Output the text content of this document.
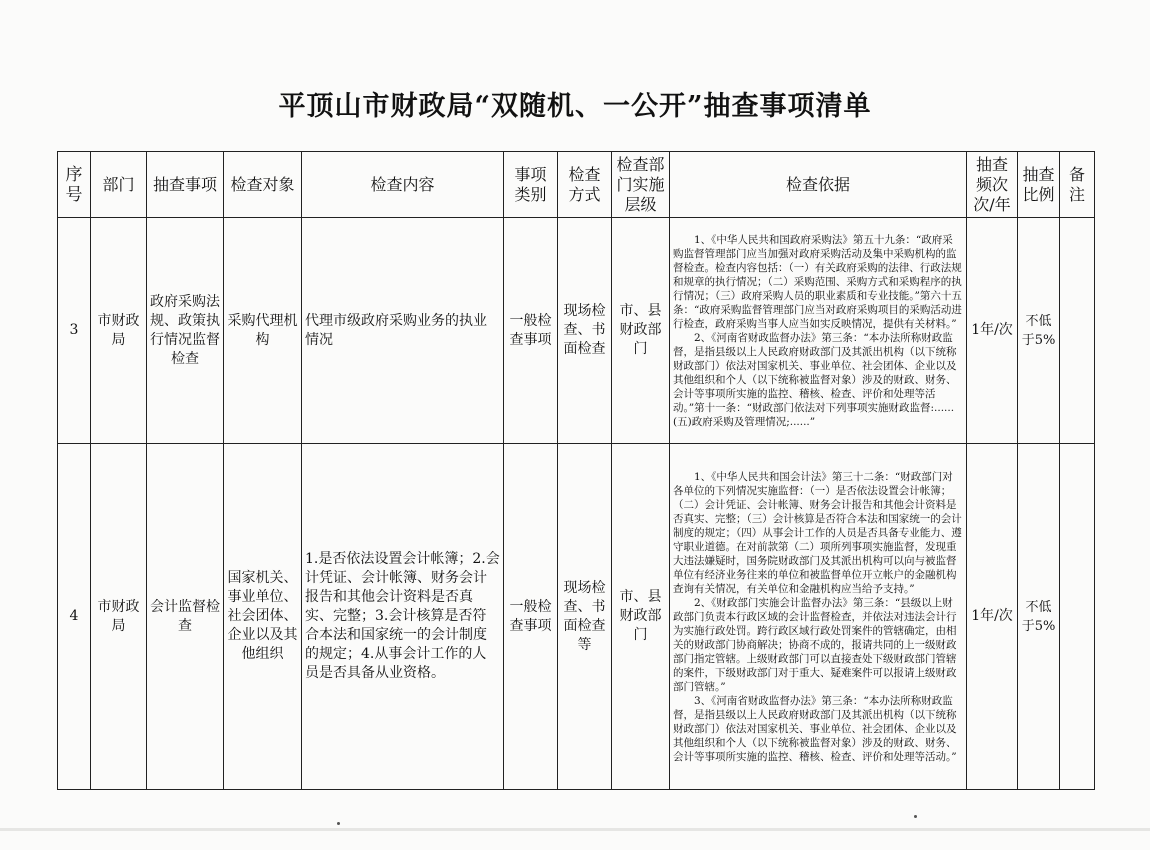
平顶山市财政局“双随机、一公开”抽查事项清单
序号	部门	抽查事项	检查对象	检查内容	事项类别	检查方式	检查部门实施层级	检查依据	抽查频次次/年	抽查比例	备注
3	市财政局	政府采购法规、政策执行情况监督检查	采购代理机构	代理市级政府采购业务的执业情况	一般检查事项	现场检查、书面检查	市、县财政部门	1、《中华人民共和国政府采购法》第五十九条：“政府采购监督管理部门应当加强对政府采购活动及集中采购机构的监督检查。检查内容包括：（一）有关政府采购的法律、行政法规和规章的执行情况；（二）采购范围、采购方式和采购程序的执行情况；（三）政府采购人员的职业素质和专业技能。”第六十五条：“政府采购监督管理部门应当对政府采购项目的采购活动进行检查，政府采购当事人应当如实反映情况，提供有关材料。”

2、《河南省财政监督办法》第三条：“本办法所称财政监督，是指县级以上人民政府财政部门及其派出机构（以下统称财政部门）依法对国家机关、事业单位、社会团体、企业以及其他组织和个人（以下统称被监督对象）涉及的财政、财务、会计等事项所实施的监控、稽核、检查、评价和处理等活动。”第十一条：“财政部门依法对下列事项实施财政监督:......(五)政府采购及管理情况;......”	1年/次	不低于5%	
4	市财政局	会计监督检查	国家机关、事业单位、社会团体、企业以及其他组织	1.是否依法设置会计帐簿；2.会计凭证、会计帐簿、财务会计报告和其他会计资料是否真实、完整；3.会计核算是否符合本法和国家统一的会计制度的规定；4.从事会计工作的人员是否具备从业资格。	一般检查事项	现场检查、书面检查等	市、县财政部门	1、《中华人民共和国会计法》第三十二条：“财政部门对各单位的下列情况实施监督：（一）是否依法设置会计帐簿；（二）会计凭证、会计帐簿、财务会计报告和其他会计资料是否真实、完整；（三）会计核算是否符合本法和国家统一的会计制度的规定；（四）从事会计工作的人员是否具备专业能力、遵守职业道德。在对前款第（二）项所列事项实施监督，发现重大违法嫌疑时，国务院财政部门及其派出机构可以向与被监督单位有经济业务往来的单位和被监督单位开立帐户的金融机构查询有关情况，有关单位和金融机构应当给予支持。”

2、《财政部门实施会计监督办法》第三条：“县级以上财政部门负责本行政区域的会计监督检查，并依法对违法会计行为实施行政处罚。跨行政区域行政处罚案件的管辖确定，由相关的财政部门协商解决；协商不成的，报请共同的上一级财政部门指定管辖。上级财政部门可以直接查处下级财政部门管辖的案件，下级财政部门对于重大、疑难案件可以报请上级财政部门管辖。”

3、《河南省财政监督办法》第三条：“本办法所称财政监督，是指县级以上人民政府财政部门及其派出机构（以下统称财政部门）依法对国家机关、事业单位、社会团体、企业以及其他组织和个人（以下统称被监督对象）涉及的财政、财务、会计等事项所实施的监控、稽核、检查、评价和处理等活动。”	1年/次	不低于5%	
